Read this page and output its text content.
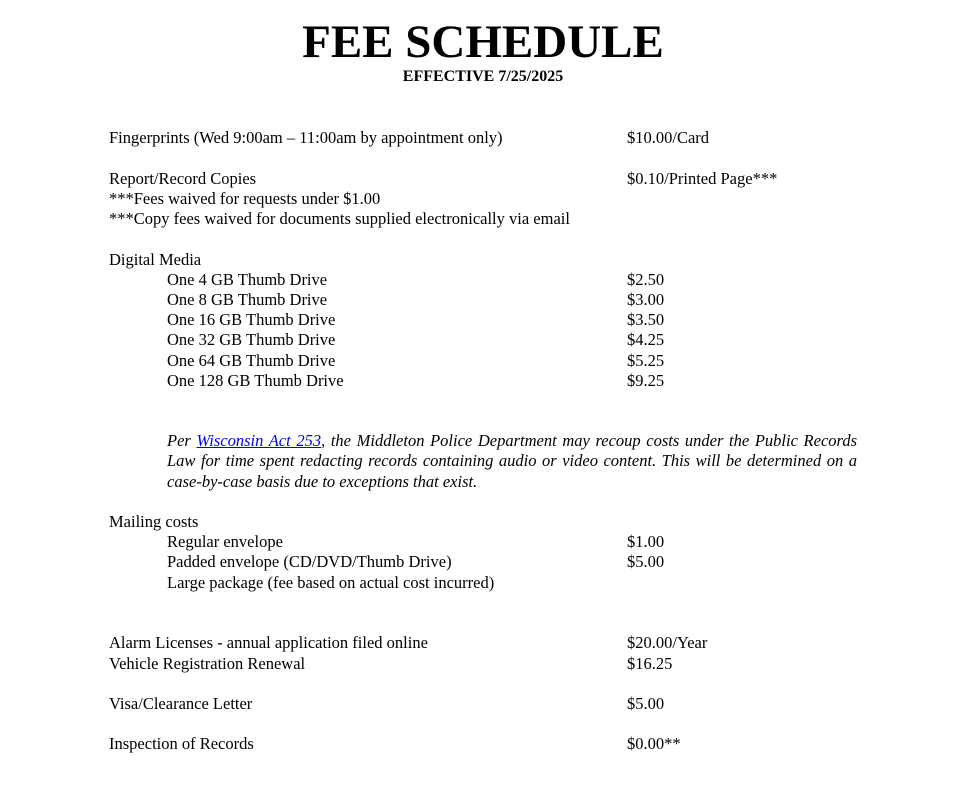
FEE SCHEDULE
EFFECTIVE 7/25/2025
Fingerprints (Wed 9:00am – 11:00am by appointment only)	$10.00/Card
Report/Record Copies	$0.10/Printed Page***
***Fees waived for requests under $1.00
***Copy fees waived for documents supplied electronically via email
Digital Media
One 4 GB Thumb Drive	$2.50
One 8 GB Thumb Drive	$3.00
One 16 GB Thumb Drive	$3.50
One 32 GB Thumb Drive	$4.25
One 64 GB Thumb Drive	$5.25
One 128 GB Thumb Drive	$9.25
Per Wisconsin Act 253, the Middleton Police Department may recoup costs under the Public Records Law for time spent redacting records containing audio or video content. This will be determined on a case-by-case basis due to exceptions that exist.
Mailing costs
Regular envelope	$1.00
Padded envelope (CD/DVD/Thumb Drive)	$5.00
Large package (fee based on actual cost incurred)
Alarm Licenses - annual application filed online	$20.00/Year
Vehicle Registration Renewal	$16.25
Visa/Clearance Letter	$5.00
Inspection of Records	$0.00**
